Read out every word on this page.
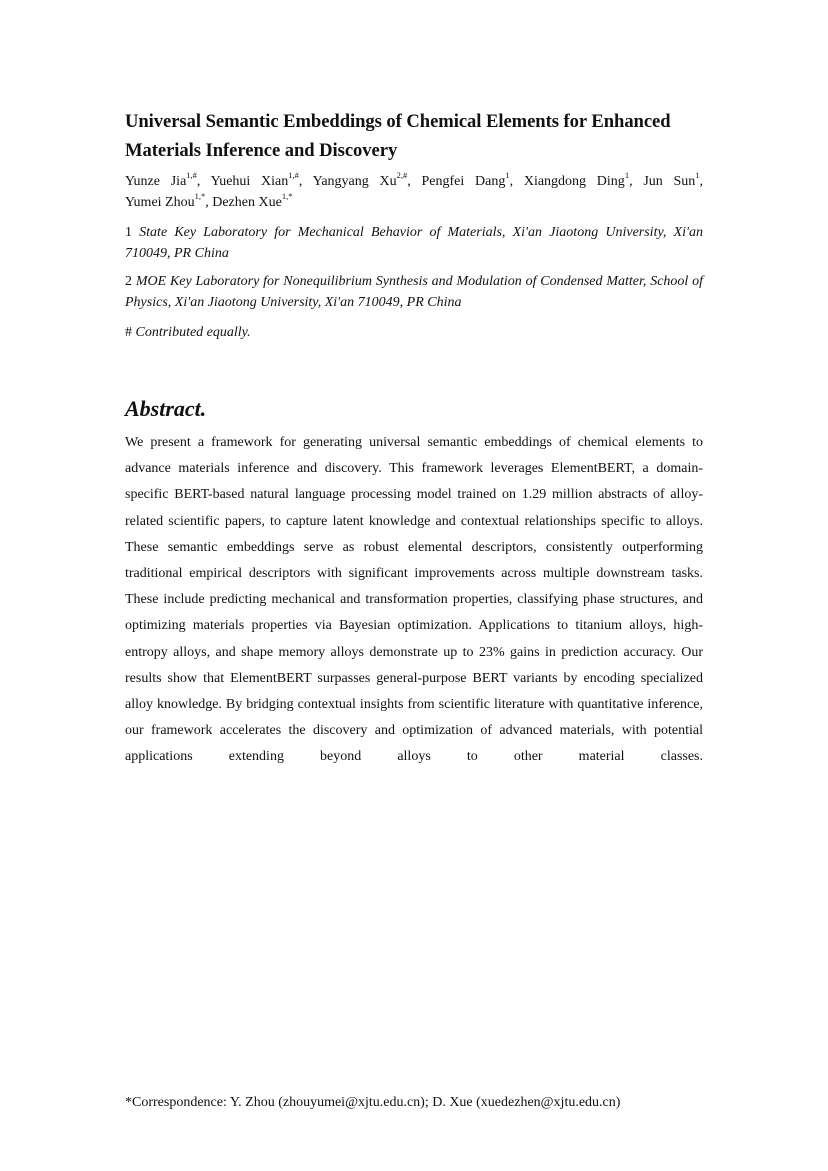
Universal Semantic Embeddings of Chemical Elements for Enhanced Materials Inference and Discovery
Yunze Jia$^{1,\#}$, Yuehui Xian$^{1,\#}$, Yangyang $Xu^{2,\#}$, Pengfei Dang$^1$, Xiangdong Ding$^1$, Jun Sun$^1$, Yumei Zhou$^{1,*}$, Dezhen Xue$^{1,*}$
1 State Key Laboratory for Mechanical Behavior of Materials, Xi'an Jiaotong University, Xi'an 710049, PR China
2 MOE Key Laboratory for Nonequilibrium Synthesis and Modulation of Condensed Matter, School of Physics, Xi'an Jiaotong University, Xi'an 710049, PR China
# Contributed equally.
Abstract.
We present a framework for generating universal semantic embeddings of chemical elements to advance materials inference and discovery. This framework leverages ElementBERT, a domain-specific BERT-based natural language processing model trained on 1.29 million abstracts of alloy-related scientific papers, to capture latent knowledge and contextual relationships specific to alloys. These semantic embeddings serve as robust elemental descriptors, consistently outperforming traditional empirical descriptors with significant improvements across multiple downstream tasks. These include predicting mechanical and transformation properties, classifying phase structures, and optimizing materials properties via Bayesian optimization. Applications to titanium alloys, high-entropy alloys, and shape memory alloys demonstrate up to 23% gains in prediction accuracy. Our results show that ElementBERT surpasses general-purpose BERT variants by encoding specialized alloy knowledge. By bridging contextual insights from scientific literature with quantitative inference, our framework accelerates the discovery and optimization of advanced materials, with potential applications extending beyond alloys to other material classes.
*Correspondence: Y. Zhou (zhouyumei@xjtu.edu.cn); D. Xue (xuedezhen@xjtu.edu.cn)
